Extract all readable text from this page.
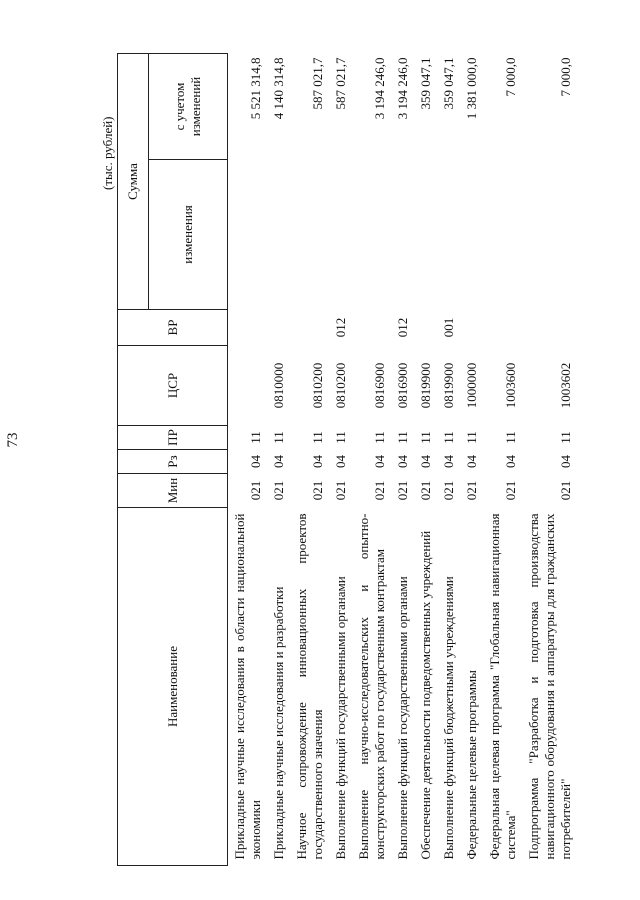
73
(тыс. рублей)
Наименование	Мин	Рз	ПР	ЦСР	ВР	Сумма	
						изменения	с учетом изменений
Прикладные научные исследования в области национальной экономики	021	04	11				5 521 314,8
Прикладные научные исследования и разработки	021	04	11	0810000			4 140 314,8
Научное сопровождение инновационных проектов государственного значения	021	04	11	0810200			587 021,7
Выполнение функций государственными органами	021	04	11	0810200	012		587 021,7
Выполнение научно-исследовательских и опытно-конструкторских работ по государственным контрактам	021	04	11	0816900			3 194 246,0
Выполнение функций государственными органами	021	04	11	0816900	012		3 194 246,0
Обеспечение деятельности подведомственных учреждений	021	04	11	0819900			359 047,1
Выполнение функций бюджетными учреждениями	021	04	11	0819900	001		359 047,1
Федеральные целевые программы	021	04	11	1000000			1 381 000,0
Федеральная целевая программа "Глобальная навигационная система"	021	04	11	1003600			7 000,0
Подпрограмма "Разработка и подготовка производства навигационного оборудования и аппаратуры для гражданских потребителей"	021	04	11	1003602			7 000,0
